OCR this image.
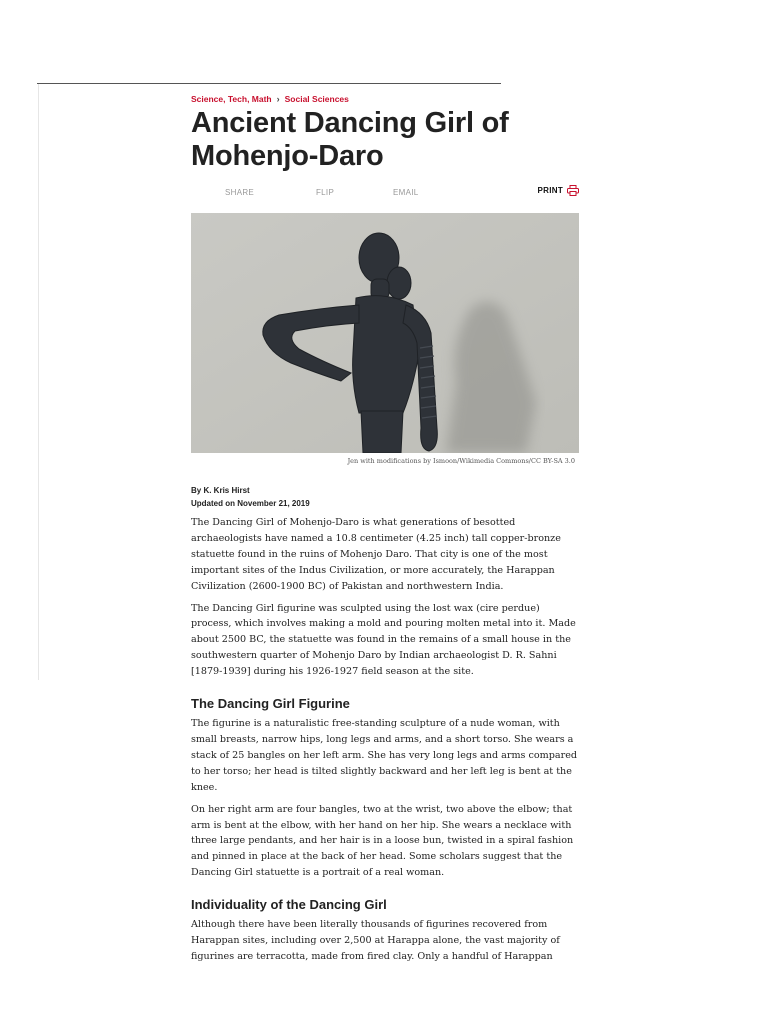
Science, Tech, Math › Social Sciences
Ancient Dancing Girl of Mohenjo-Daro
SHARE	FLIP	EMAIL	PRINT
Jen with modifications by Ismoon/Wikimedia Commons/CC BY-SA 3.0
By K. Kris Hirst
Updated on November 21, 2019

The Dancing Girl of Mohenjo-Daro is what generations of besotted archaeologists have named a 10.8 centimeter (4.25 inch) tall copper-bronze statuette found in the ruins of Mohenjo Daro. That city is one of the most important sites of the Indus Civilization, or more accurately, the Harappan Civilization (2600-1900 BC) of Pakistan and northwestern India.

The Dancing Girl figurine was sculpted using the lost wax (cire perdue) process, which involves making a mold and pouring molten metal into it. Made about 2500 BC, the statuette was found in the remains of a small house in the southwestern quarter of Mohenjo Daro by Indian archaeologist D. R. Sahni [1879-1939] during his 1926-1927 field season at the site.

The Dancing Girl Figurine

The figurine is a naturalistic free-standing sculpture of a nude woman, with small breasts, narrow hips, long legs and arms, and a short torso. She wears a stack of 25 bangles on her left arm. She has very long legs and arms compared to her torso; her head is tilted slightly backward and her left leg is bent at the knee.

On her right arm are four bangles, two at the wrist, two above the elbow; that arm is bent at the elbow, with her hand on her hip. She wears a necklace with three large pendants, and her hair is in a loose bun, twisted in a spiral fashion and pinned in place at the back of her head. Some scholars suggest that the Dancing Girl statuette is a portrait of a real woman.

Individuality of the Dancing Girl

Although there have been literally thousands of figurines recovered from Harappan sites, including over 2,500 at Harappa alone, the vast majority of figurines are terracotta, made from fired clay. Only a handful of Harappan
